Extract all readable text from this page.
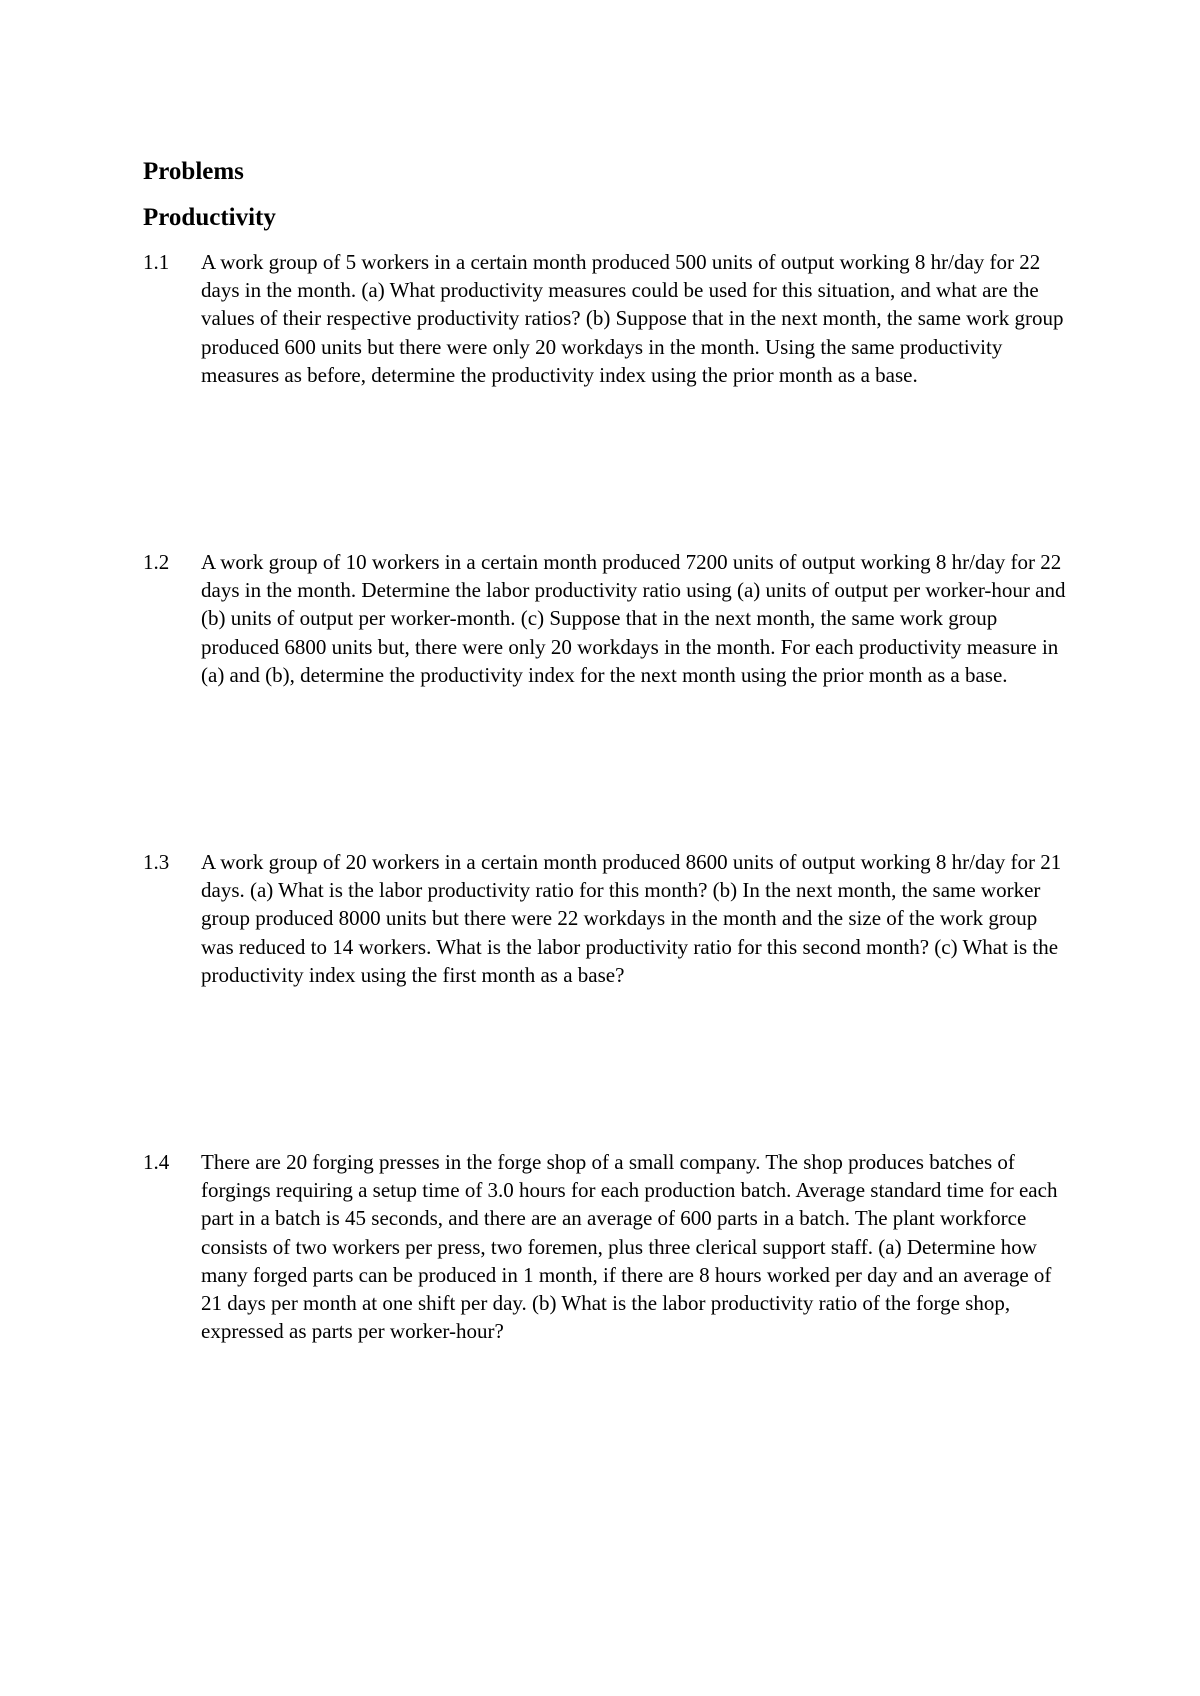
Problems
Productivity
1.1	A work group of 5 workers in a certain month produced 500 units of output working 8 hr/day for 22 days in the month. (a) What productivity measures could be used for this situation, and what are the values of their respective productivity ratios? (b) Suppose that in the next month, the same work group produced 600 units but there were only 20 workdays in the month. Using the same productivity measures as before, determine the productivity index using the prior month as a base.
1.2	A work group of 10 workers in a certain month produced 7200 units of output working 8 hr/day for 22 days in the month. Determine the labor productivity ratio using (a) units of output per worker-hour and (b) units of output per worker-month. (c) Suppose that in the next month, the same work group produced 6800 units but, there were only 20 workdays in the month. For each productivity measure in (a) and (b), determine the productivity index for the next month using the prior month as a base.
1.3	A work group of 20 workers in a certain month produced 8600 units of output working 8 hr/day for 21 days. (a) What is the labor productivity ratio for this month? (b) In the next month, the same worker group produced 8000 units but there were 22 workdays in the month and the size of the work group was reduced to 14 workers. What is the labor productivity ratio for this second month? (c) What is the productivity index using the first month as a base?
1.4	There are 20 forging presses in the forge shop of a small company. The shop produces batches of forgings requiring a setup time of 3.0 hours for each production batch. Average standard time for each part in a batch is 45 seconds, and there are an average of 600 parts in a batch. The plant workforce consists of two workers per press, two foremen, plus three clerical support staff. (a) Determine how many forged parts can be produced in 1 month, if there are 8 hours worked per day and an average of 21 days per month at one shift per day. (b) What is the labor productivity ratio of the forge shop, expressed as parts per worker-hour?
